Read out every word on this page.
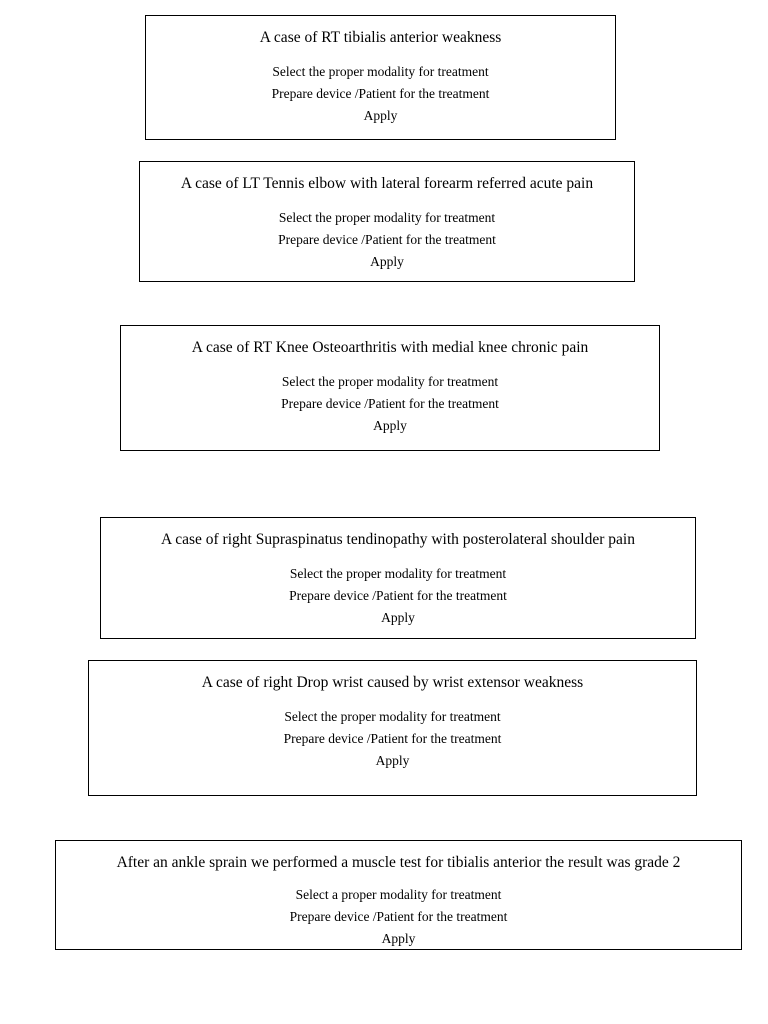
A case of RT tibialis anterior weakness
Select the proper modality for treatment
Prepare device /Patient for the treatment
Apply
A case of LT Tennis elbow with lateral forearm referred acute pain
Select the proper modality for treatment
Prepare device /Patient for the treatment
Apply
A case of RT Knee Osteoarthritis with medial knee chronic pain
Select the proper modality for treatment
Prepare device /Patient for the treatment
Apply
A case of right Supraspinatus tendinopathy with posterolateral shoulder pain
Select the proper modality for treatment
Prepare device /Patient for the treatment
Apply
A case of right Drop wrist caused by wrist extensor weakness
Select the proper modality for treatment
Prepare device /Patient for the treatment
Apply
After an ankle sprain we performed a muscle test for tibialis anterior the result was grade 2
Select a proper modality for treatment
Prepare device /Patient for the treatment
Apply
